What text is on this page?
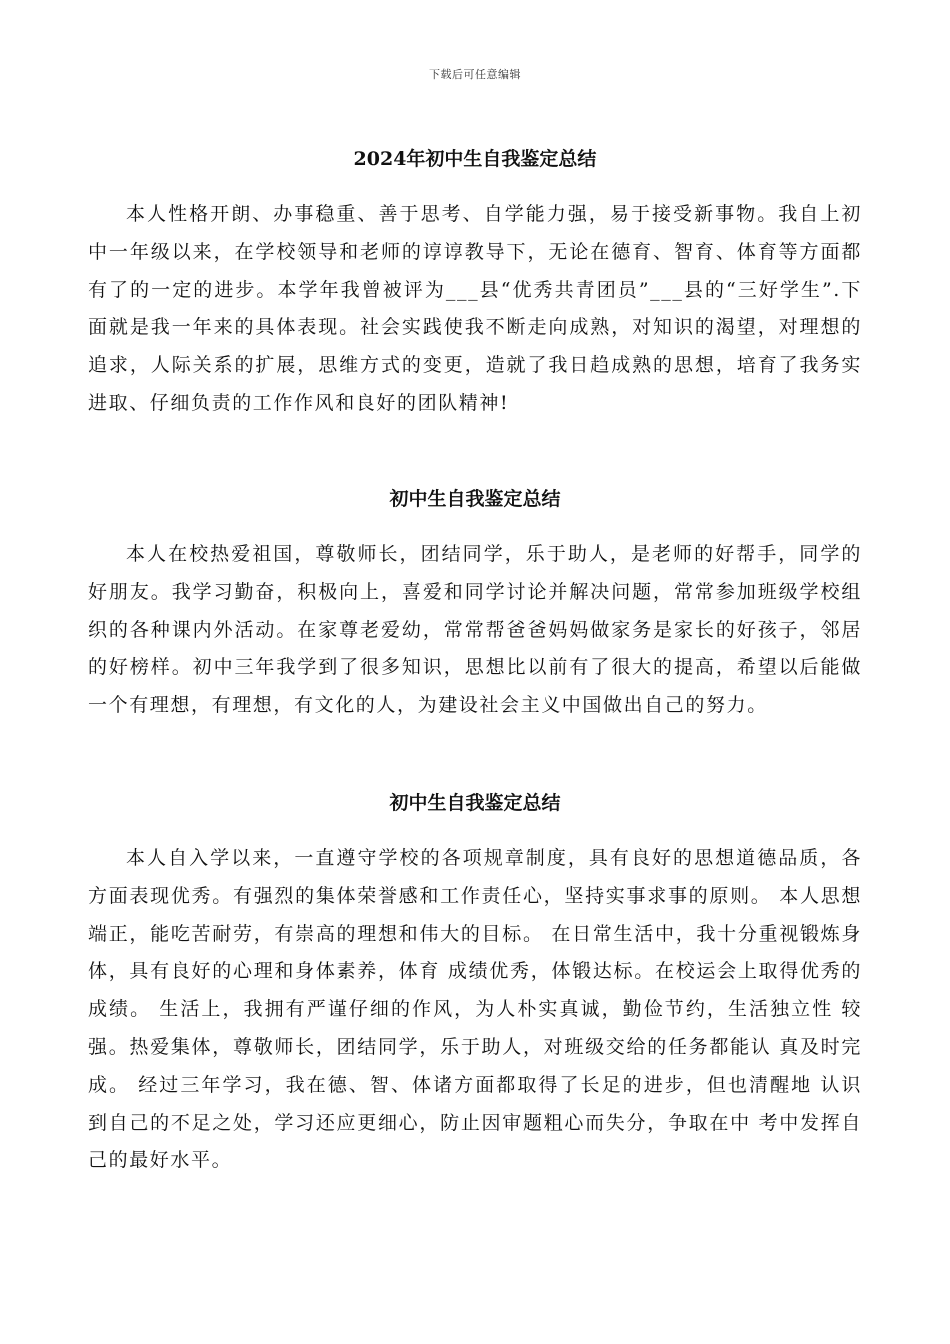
下载后可任意编辑
2024年初中生自我鉴定总结

本人性格开朗、办事稳重、善于思考、自学能力强，易于接受新事物。我自上初中一年级以来，在学校领导和老师的谆谆教导下，无论在德育、智育、体育等方面都有了的一定的进步。本学年我曾被评为___县“优秀共青团员”___县的“三好学生”.下面就是我一年来的具体表现。社会实践使我不断走向成熟，对知识的渴望，对理想的追求，人际关系的扩展，思维方式的变更，造就了我日趋成熟的思想，培育了我务实进取、仔细负责的工作作风和良好的团队精神!

初中生自我鉴定总结

本人在校热爱祖国，尊敬师长，团结同学，乐于助人，是老师的好帮手，同学的好朋友。我学习勤奋，积极向上，喜爱和同学讨论并解决问题，常常参加班级学校组织的各种课内外活动。在家尊老爱幼，常常帮爸爸妈妈做家务是家长的好孩子，邻居的好榜样。初中三年我学到了很多知识，思想比以前有了很大的提高，希望以后能做一个有理想，有理想，有文化的人，为建设社会主义中国做出自己的努力。

初中生自我鉴定总结

本人自入学以来，一直遵守学校的各项规章制度，具有良好的思想道德品质，各方面表现优秀。有强烈的集体荣誉感和工作责任心，坚持实事求事的原则。 本人思想端正，能吃苦耐劳，有崇高的理想和伟大的目标。 在日常生活中，我十分重视锻炼身体，具有良好的心理和身体素养，体育 成绩优秀，体锻达标。在校运会上取得优秀的成绩。 生活上，我拥有严谨仔细的作风，为人朴实真诚，勤俭节约，生活独立性 较强。热爱集体，尊敬师长，团结同学，乐于助人，对班级交给的任务都能认 真及时完成。 经过三年学习，我在德、智、体诸方面都取得了长足的进步，但也清醒地 认识到自己的不足之处，学习还应更细心，防止因审题粗心而失分，争取在中 考中发挥自己的最好水平。
